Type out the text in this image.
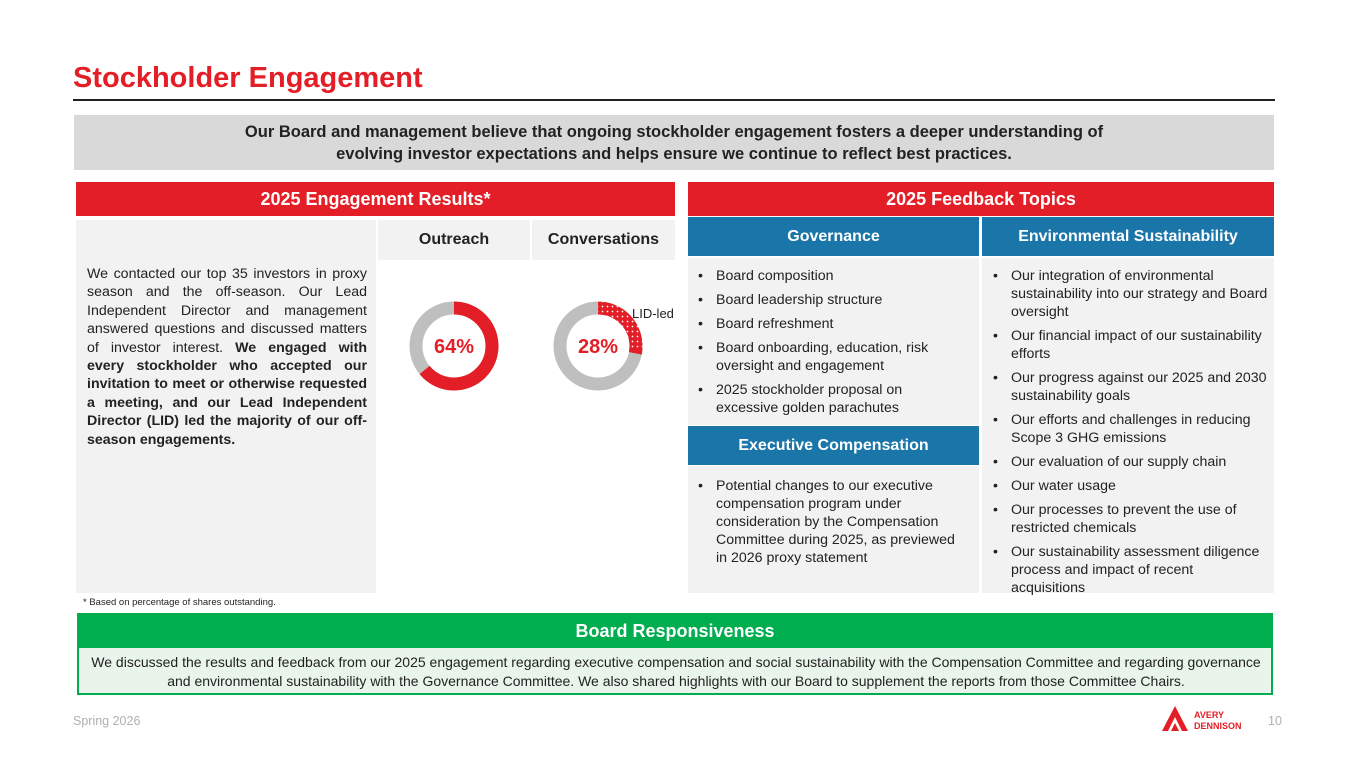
Stockholder Engagement
Our Board and management believe that ongoing stockholder engagement fosters a deeper understanding of
evolving investor expectations and helps ensure we continue to reflect best practices.
2025 Engagement Results*
We contacted our top 35 investors in proxy season and the off-season. Our Lead Independent Director and management answered questions and discussed matters of investor interest. We engaged with every stockholder who accepted our invitation to meet or otherwise requested a meeting, and our Lead Independent Director (LID) led the majority of our off-season engagements.
Outreach	Conversations
64%	28%
LID-led
2025 Feedback Topics
Governance	Environmental Sustainability
Executive Compensation
• Board composition
• Board leadership structure
• Board refreshment
• Board onboarding, education, risk oversight and engagement
• 2025 stockholder proposal on excessive golden parachutes
• Potential changes to our executive compensation program under consideration by the Compensation Committee during 2025, as previewed in 2026 proxy statement
• Our integration of environmental sustainability into our strategy and Board oversight
• Our financial impact of our sustainability efforts
• Our progress against our 2025 and 2030 sustainability goals
• Our efforts and challenges in reducing Scope 3 GHG emissions
• Our evaluation of our supply chain
• Our water usage
• Our processes to prevent the use of restricted chemicals
• Our sustainability assessment diligence process and impact of recent acquisitions
* Based on percentage of shares outstanding.
Board Responsiveness
We discussed the results and feedback from our 2025 engagement regarding executive compensation and social sustainability with the Compensation Committee and regarding governance and environmental sustainability with the Governance Committee. We also shared highlights with our Board to supplement the reports from those Committee Chairs.
Spring 2026	AVERY
DENNISON 10
